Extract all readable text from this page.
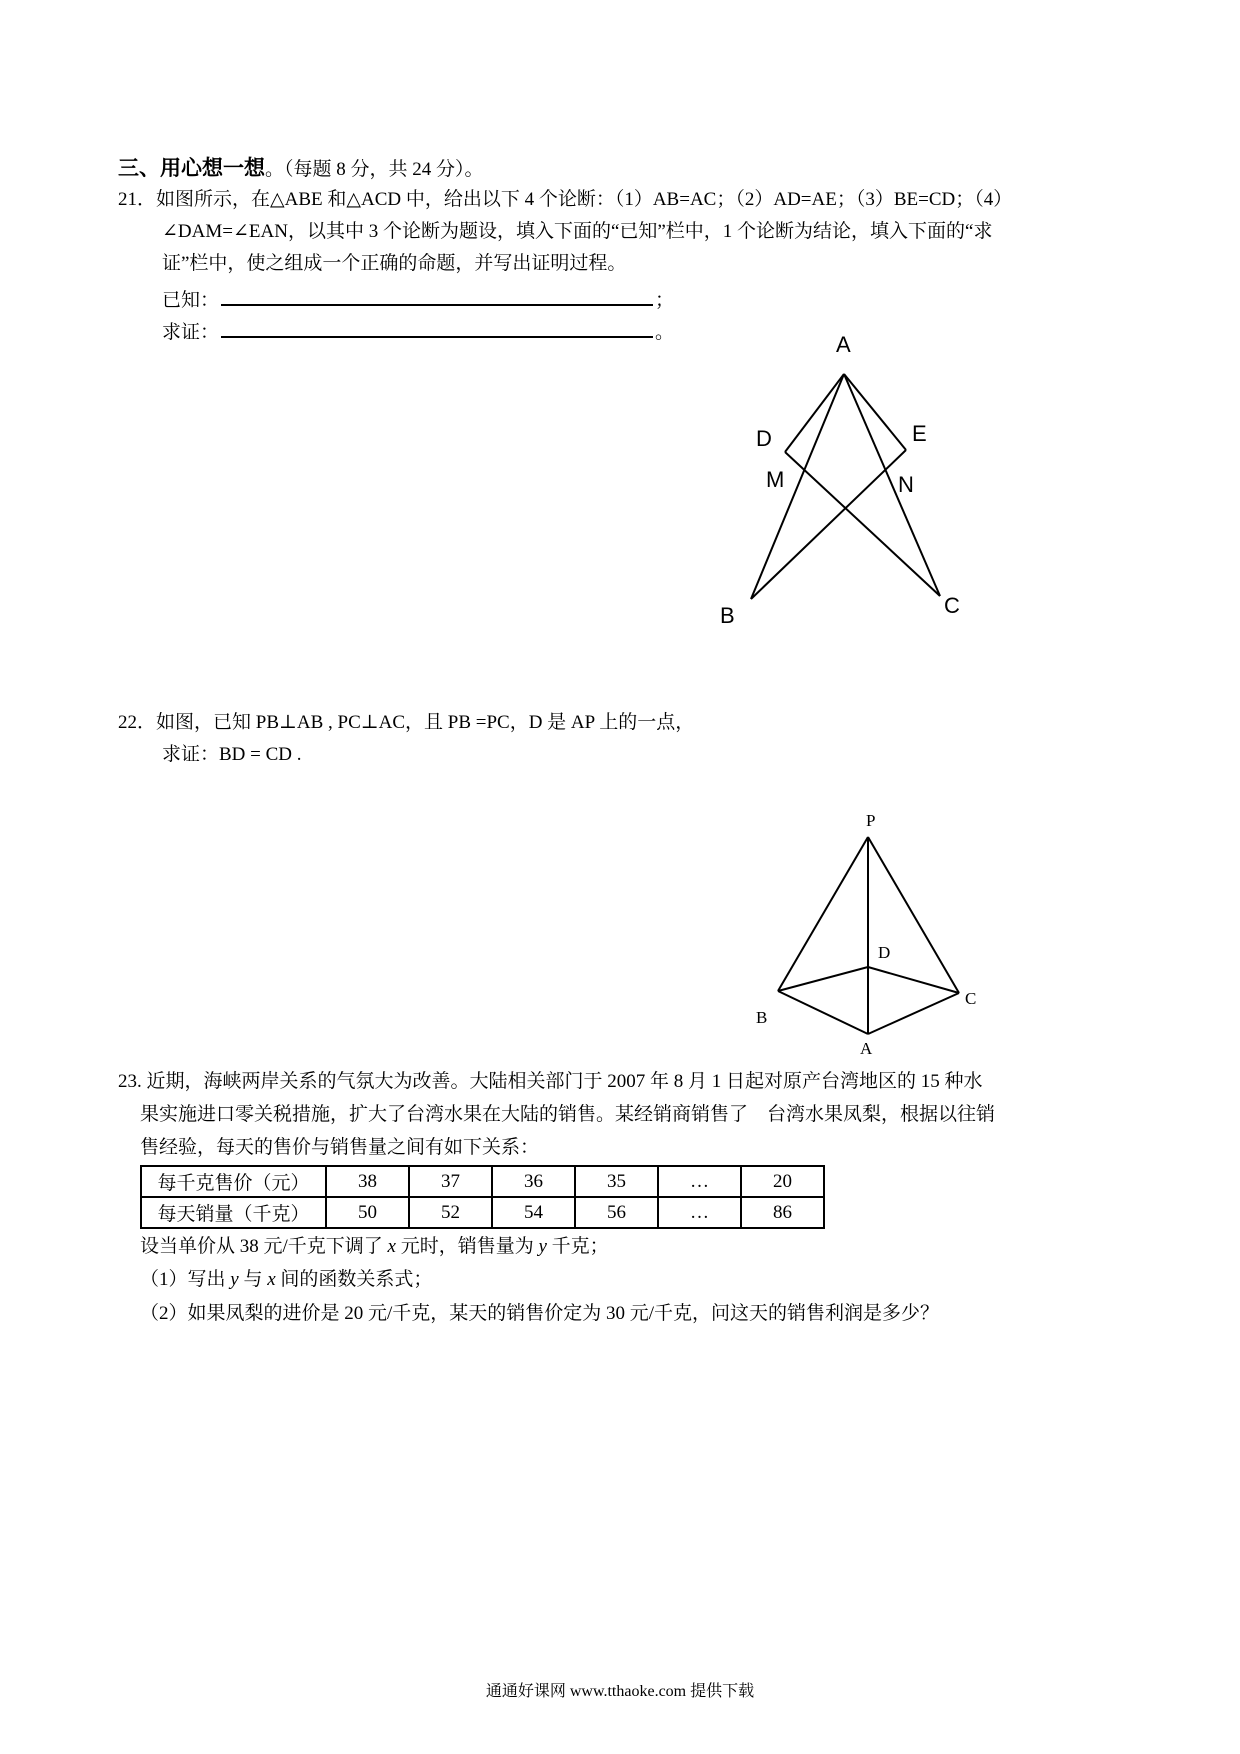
三、用心想一想。（每题 8 分，共 24 分）。
21．如图所示，在△ABE 和△ACD 中，给出以下 4 个论断：（1）AB=AC；（2）AD=AE；（3）BE=CD；（4）
∠DAM=∠EAN，以其中 3 个论断为题设，填入下面的“已知”栏中，1 个论断为结论，填入下面的“求
证”栏中，使之组成一个正确的命题，并写出证明过程。
已知：	；
求证：	。	A
D	E
M	N
B	C
P
D
B
C
A
22．如图，已知 PB⊥AB , PC⊥AC，且 PB =PC，D 是 AP 上的一点，
求证：BD = CD .
23. 近期，海峡两岸关系的气氛大为改善。大陆相关部门于 2007 年 8 月 1 日起对原产台湾地区的 15 种水
果实施进口零关税措施，扩大了台湾水果在大陆的销售。某经销商销售了　台湾水果凤梨，根据以往销
售经验，每天的售价与销售量之间有如下关系：
每千克售价（元）	38	37	36	35	…	20
每天销量（千克）	50	52	54	56	…	86
设当单价从 38 元/千克下调了 x 元时，销售量为 y 千克；
（1）写出 y 与 x 间的函数关系式；
（2）如果凤梨的进价是 20 元/千克，某天的销售价定为 30 元/千克，问这天的销售利润是多少？
通通好课网 www.tthaoke.com 提供下载
